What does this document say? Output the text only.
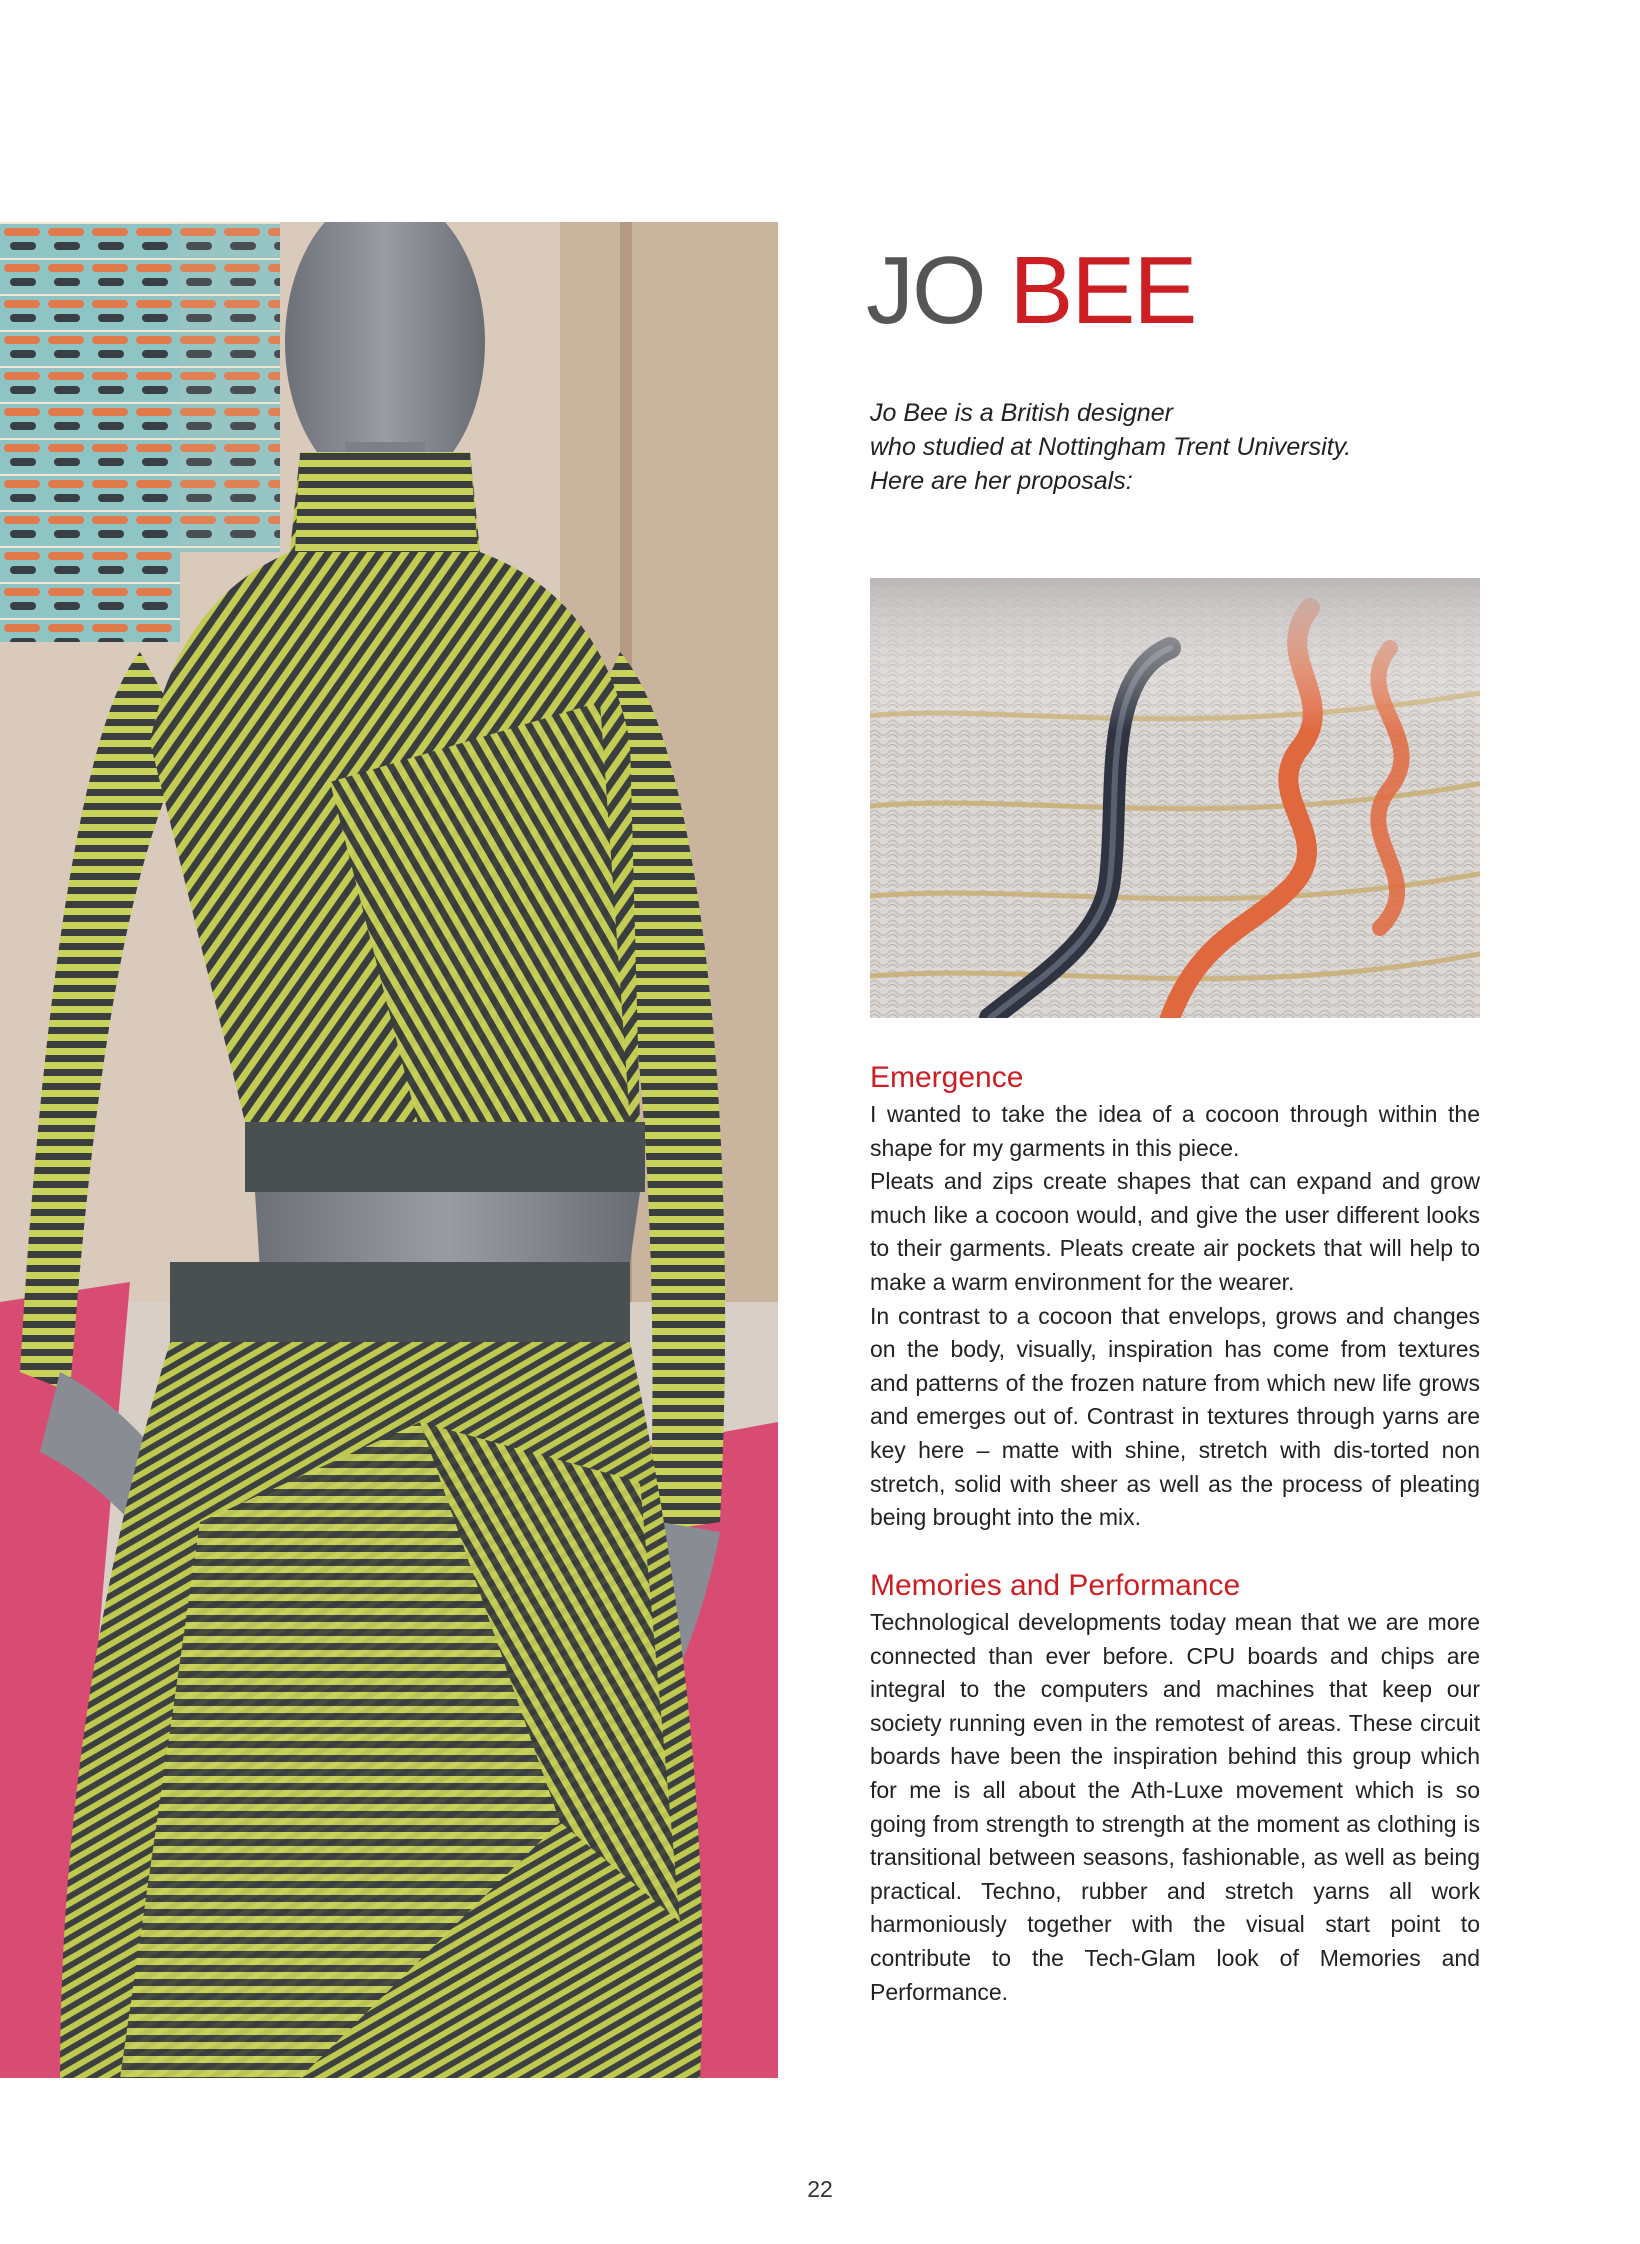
JO BEE
Jo Bee is a British designer
who studied at Nottingham Trent University.
Here are her proposals:
Emergence

I wanted to take the idea of a cocoon through within the shape for my garments in this piece.

Pleats and zips create shapes that can expand and grow much like a cocoon would, and give the user different looks to their garments. Pleats create air pockets that will help to make a warm environment for the wearer.

In contrast to a cocoon that envelops, grows and changes on the body, visually, inspiration has come from textures and patterns of the frozen nature from which new life grows and emerges out of. Contrast in textures through yarns are key here – matte with shine, stretch with dis-torted non stretch, solid with sheer as well as the process of pleating being brought into the mix.

Memories and Performance

Technological developments today mean that we are more connected than ever before. CPU boards and chips are integral to the computers and machines that keep our society running even in the remotest of areas. These circuit boards have been the inspiration behind this group which for me is all about the Ath-Luxe movement which is so going from strength to strength at the moment as clothing is transitional between seasons, fashionable, as well as being practical. Techno, rubber and stretch yarns all work harmoniously together with the visual start point to contribute to the Tech-Glam look of Memories and Performance.

22
